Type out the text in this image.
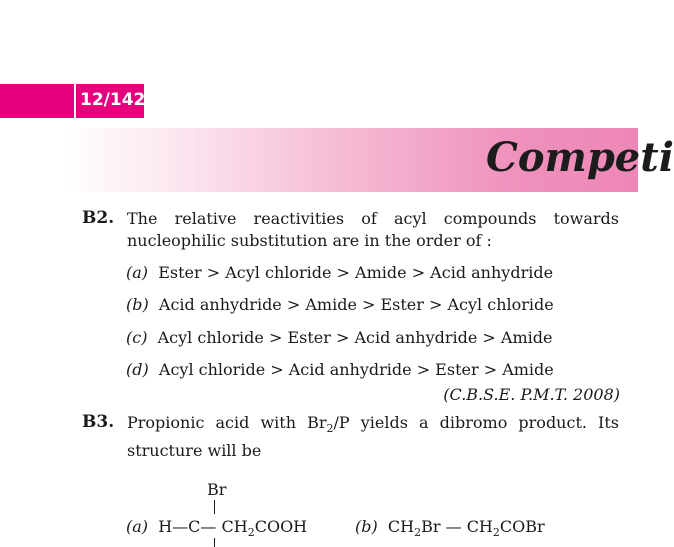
12/142
Competi
B2. The relative reactivities of acyl compounds towards nucleophilic substitution are in the order of :
(a) Ester > Acyl chloride > Amide > Acid anhydride
(b) Acid anhydride > Amide > Ester > Acyl chloride
(c) Acyl chloride > Ester > Acid anhydride > Amide
(d) Acyl chloride > Acid anhydride > Ester > Amide
(C.B.S.E. P.M.T. 2008)
B3. Propionic acid with $Br_2/P$ yields a dibromo product. Its structure will be
Br
(a) H—C— $CH_2COOH$	(b) $CH_2Br$ — $CH_2COBr$
